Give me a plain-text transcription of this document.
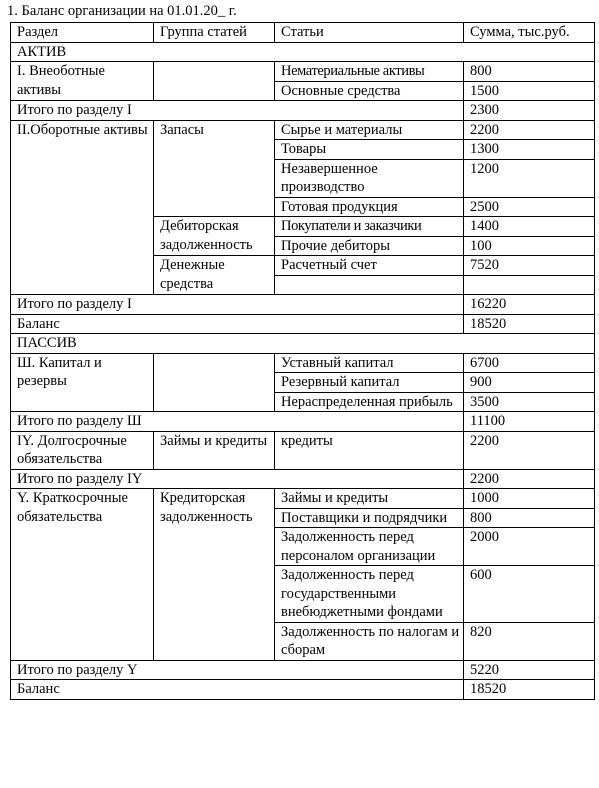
1. Баланс организации на 01.01.20_ г.
Раздел	Группа статей	Статьи	Сумма, тыс.руб.
АКТИВ			
I. Внеоботные активы		Нематериальные активы	800
		Основные средства	1500
Итого по разделу I			2300
II.Оборотные активы	Запасы	Сырье и материалы	2200
		Товары	1300
		Незавершенное производство	1200
		Готовая продукция	2500
	Дебиторская задолженность	Покупатели и заказчики	1400
		Прочие дебиторы	100
	Денежные средства	Расчетный счет	7520

Итого по разделу I			16220
Баланс			18520
ПАССИВ			
Ш. Капитал и резервы		Уставный капитал	6700
		Резервный капитал	900
		Нераспределенная прибыль	3500
Итого по разделу Ш			11100
IY. Долгосрочные обязательства	Займы и кредиты	кредиты	2200
Итого по разделу IY			2200
Y. Краткосрочные обязательства	Кредиторская задолженность	Займы и кредиты	1000
		Поставщики и подрядчики	800
		Задолженность перед персоналом организации	2000
		Задолженность перед государственными внебюджетными фондами	600
		Задолженность по налогам и сборам	820
Итого по разделу Y			5220
Баланс			18520
